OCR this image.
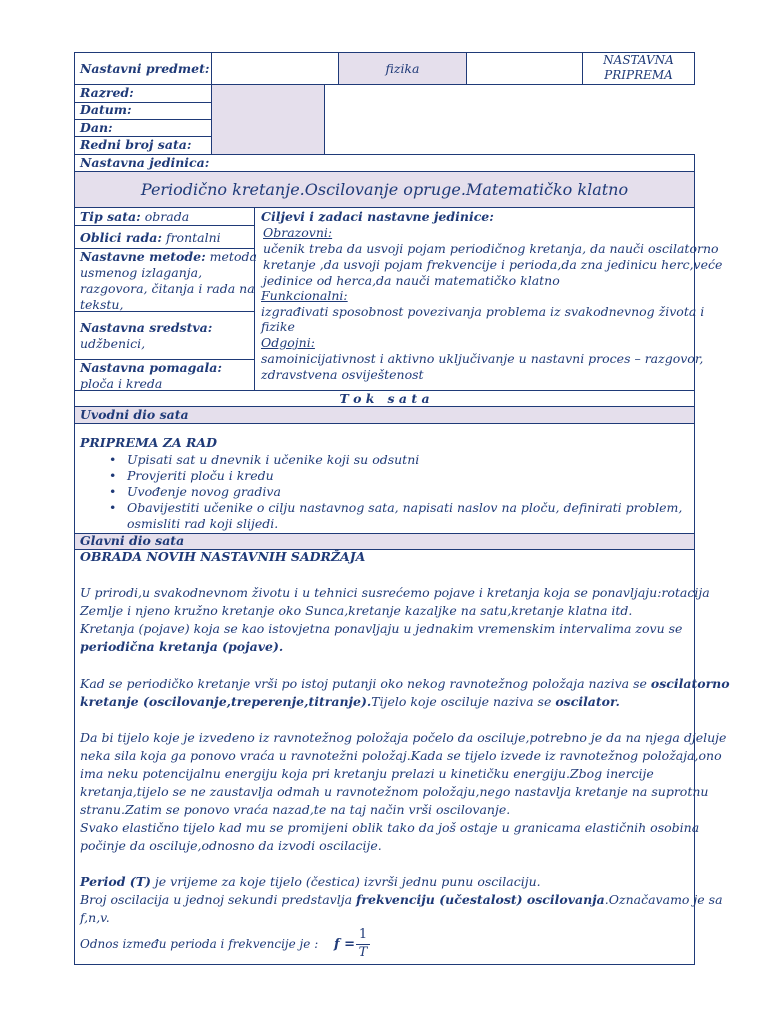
Nastavni predmet:	fizika
NASTAVNA
PRIPREMA
Razred:
Datum:
Dan:
Redni broj sata:
Nastavna jedinica:
Periodično kretanje.Oscilovanje opruge.Matematičko klatno
Tip sata: obrada
Oblici rada: frontalni
Nastavne metode: metoda
usmenog izlaganja,
razgovora, čitanja i rada na
tekstu,
Nastavna sredstva:
udžbenici,
Nastavna pomagala:
ploča i kreda
Ciljevi i zadaci nastavne jedinice:
Obrazovni:
učenik treba da usvoji pojam periodičnog kretanja, da nauči oscilatorno
kretanje ,da usvoji pojam frekvencije i perioda,da zna jedinicu herc,veće
jedinice od herca,da nauči matematičko klatno
Funkcionalni:
izgrađivati sposobnost povezivanja problema iz svakodnevnog života i
fizike
Odgojni:
samoinicijativnost i aktivno uključivanje u nastavni proces – razgovor,
zdravstvena osviještenost
T o k   s a t a
Uvodni dio sata
PRIPREMA ZA RAD
• Upisati sat u dnevnik i učenike koji su odsutni
• Provjeriti ploču i kredu
• Uvođenje novog gradiva
• Obavijestiti učenike o cilju nastavnog sata, napisati naslov na ploču, definirati problem,
osmisliti rad koji slijedi.
Glavni dio sata
OBRADA NOVIH NASTAVNIH SADRŽAJA
U prirodi,u svakodnevnom životu i u tehnici susrećemo pojave i kretanja koja se ponavljaju:rotacija
Zemlje i njeno kružno kretanje oko Sunca,kretanje kazaljke na satu,kretanje klatna itd.
Kretanja (pojave) koja se kao istovjetna ponavljaju u jednakim vremenskim intervalima zovu se
periodična kretanja (pojave).
Kad se periodičko kretanje vrši po istoj putanji oko nekog ravnotežnog položaja naziva se oscilatorno
kretanje (oscilovanje,treperenje,titranje).Tijelo koje osciluje naziva se oscilator.
Da bi tijelo koje je izvedeno iz ravnotežnog položaja počelo da osciluje,potrebno je da na njega djeluje
neka sila koja ga ponovo vraća u ravnotežni položaj.Kada se tijelo izvede iz ravnotežnog položaja,ono
ima neku potencijalnu energiju koja pri kretanju prelazi u kinetičku energiju.Zbog inercije
kretanja,tijelo se ne zaustavlja odmah u ravnotežnom položaju,nego nastavlja kretanje na suprotnu
stranu.Zatim se ponovo vraća nazad,te na taj način vrši oscilovanje.
Svako elastično tijelo kad mu se promijeni oblik tako da još ostaje u granicama elastičnih osobina
počinje da osciluje,odnosno da izvodi oscilacije.
Period (T) je vrijeme za koje tijelo (čestica) izvrši jednu punu oscilaciju.
Broj oscilacija u jednoj sekundi predstavlja frekvenciju (učestalost) oscilovanja.Označavamo je sa
f,n,v.
Odnos između perioda i frekvencije je : f =
1
T
